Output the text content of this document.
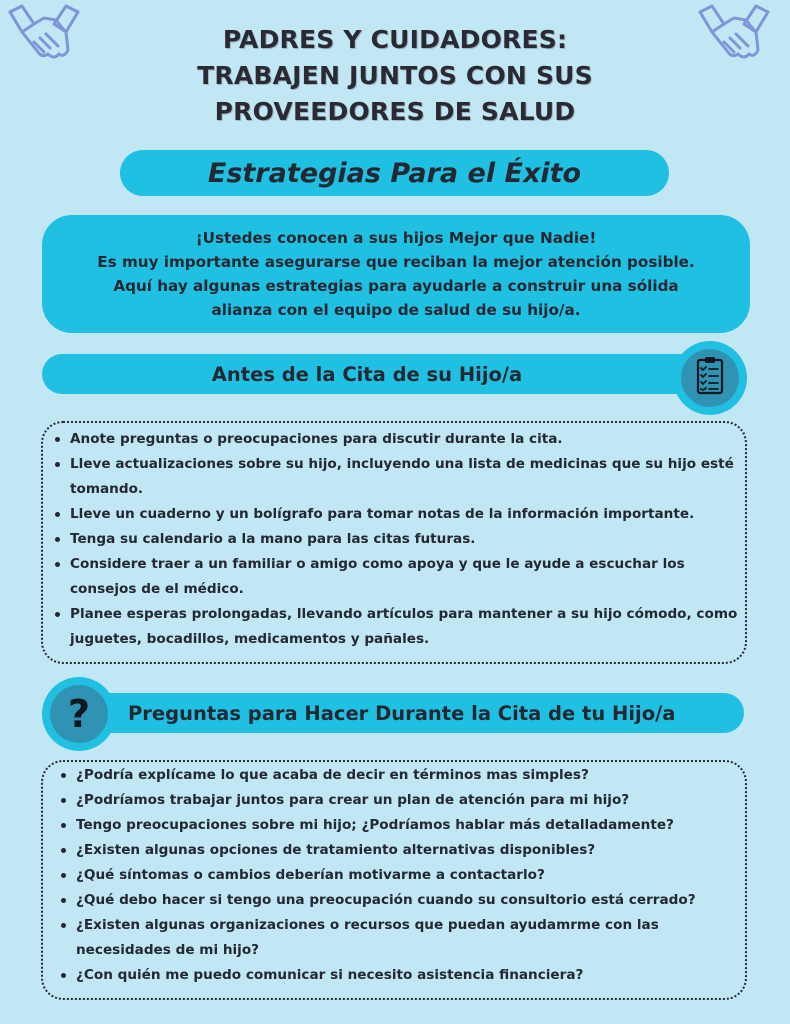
PADRES Y CUIDADORES:
TRABAJEN JUNTOS CON SUS
PROVEEDORES DE SALUD
Estrategias Para el Éxito
¡Ustedes conocen a sus hijos Mejor que Nadie!
Es muy importante asegurarse que reciban la mejor atención posible.
Aquí hay algunas estrategias para ayudarle a construir una sólida
alianza con el equipo de salud de su hijo/a.
Antes de la Cita de su Hijo/a
Anote preguntas o preocupaciones para discutir durante la cita.
Lleve actualizaciones sobre su hijo, incluyendo una lista de medicinas que su hijo esté tomando.
Lleve un cuaderno y un bolígrafo para tomar notas de la información importante.
Tenga su calendario a la mano para las citas futuras.
Considere traer a un familiar o amigo como apoya y que le ayude a escuchar los consejos de el médico.
Planee esperas prolongadas, llevando artículos para mantener a su hijo cómodo, como juguetes, bocadillos, medicamentos y pañales.
Preguntas para Hacer Durante la Cita de tu Hijo/a
?
¿Podría explícame lo que acaba de decir en términos mas simples?
¿Podríamos trabajar juntos para crear un plan de atención para mi hijo?
Tengo preocupaciones sobre mi hijo; ¿Podríamos hablar más detalladamente?
¿Existen algunas opciones de tratamiento alternativas disponibles?
¿Qué síntomas o cambios deberían motivarme a contactarlo?
¿Qué debo hacer si tengo una preocupación cuando su consultorio está cerrado?
¿Existen algunas organizaciones o recursos que puedan ayudamrme con las necesidades de mi hijo?
¿Con quién me puedo comunicar si necesito asistencia financiera?
